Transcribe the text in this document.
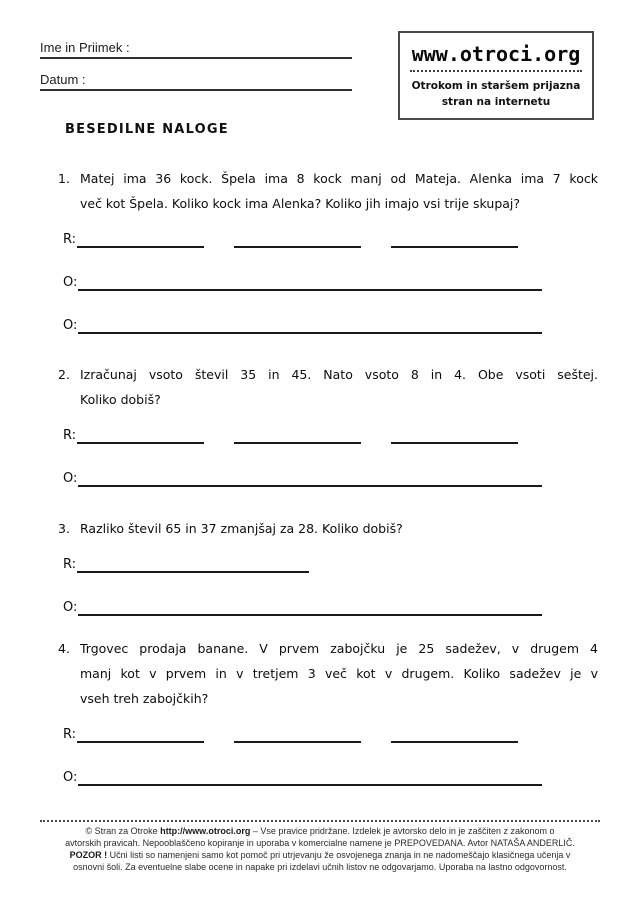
Ime in Priimek :
Datum :
www.otroci.org
Otrokom in staršem prijazna
stran na internetu
BESEDILNE NALOGE
1. Matej ima 36 kock. Špela ima 8 kock manj od Mateja. Alenka ima 7 kock
več kot Špela. Koliko kock ima Alenka? Koliko jih imajo vsi trije skupaj?
R:
O:
O:
2. Izračunaj vsoto števil 35 in 45. Nato vsoto 8 in 4. Obe vsoti seštej.
Koliko dobiš?
R:
O:
3. Razliko števil 65 in 37 zmanjšaj za 28. Koliko dobiš?
R:
O:
4. Trgovec prodaja banane. V prvem zabojčku je 25 sadežev, v drugem 4
manj kot v prvem in v tretjem 3 več kot v drugem. Koliko sadežev je v
vseh treh zabojčkih?
R:
O:
© Stran za Otroke http://www.otroci.org – Vse pravice pridržane. Izdelek je avtorsko delo in je zaščiten z zakonom o
avtorskih pravicah. Nepooblaščeno kopiranje in uporaba v komercialne namene je PREPOVEDANA. Avtor NATAŠA ANDERLIČ.
POZOR ! Učni listi so namenjeni samo kot pomoč pri utrjevanju že osvojenega znanja in ne nadomeščajo klasičnega učenja v
osnovni šoli. Za eventuelne slabe ocene in napake pri izdelavi učnih listov ne odgovarjamo. Uporaba na lastno odgovornost.
